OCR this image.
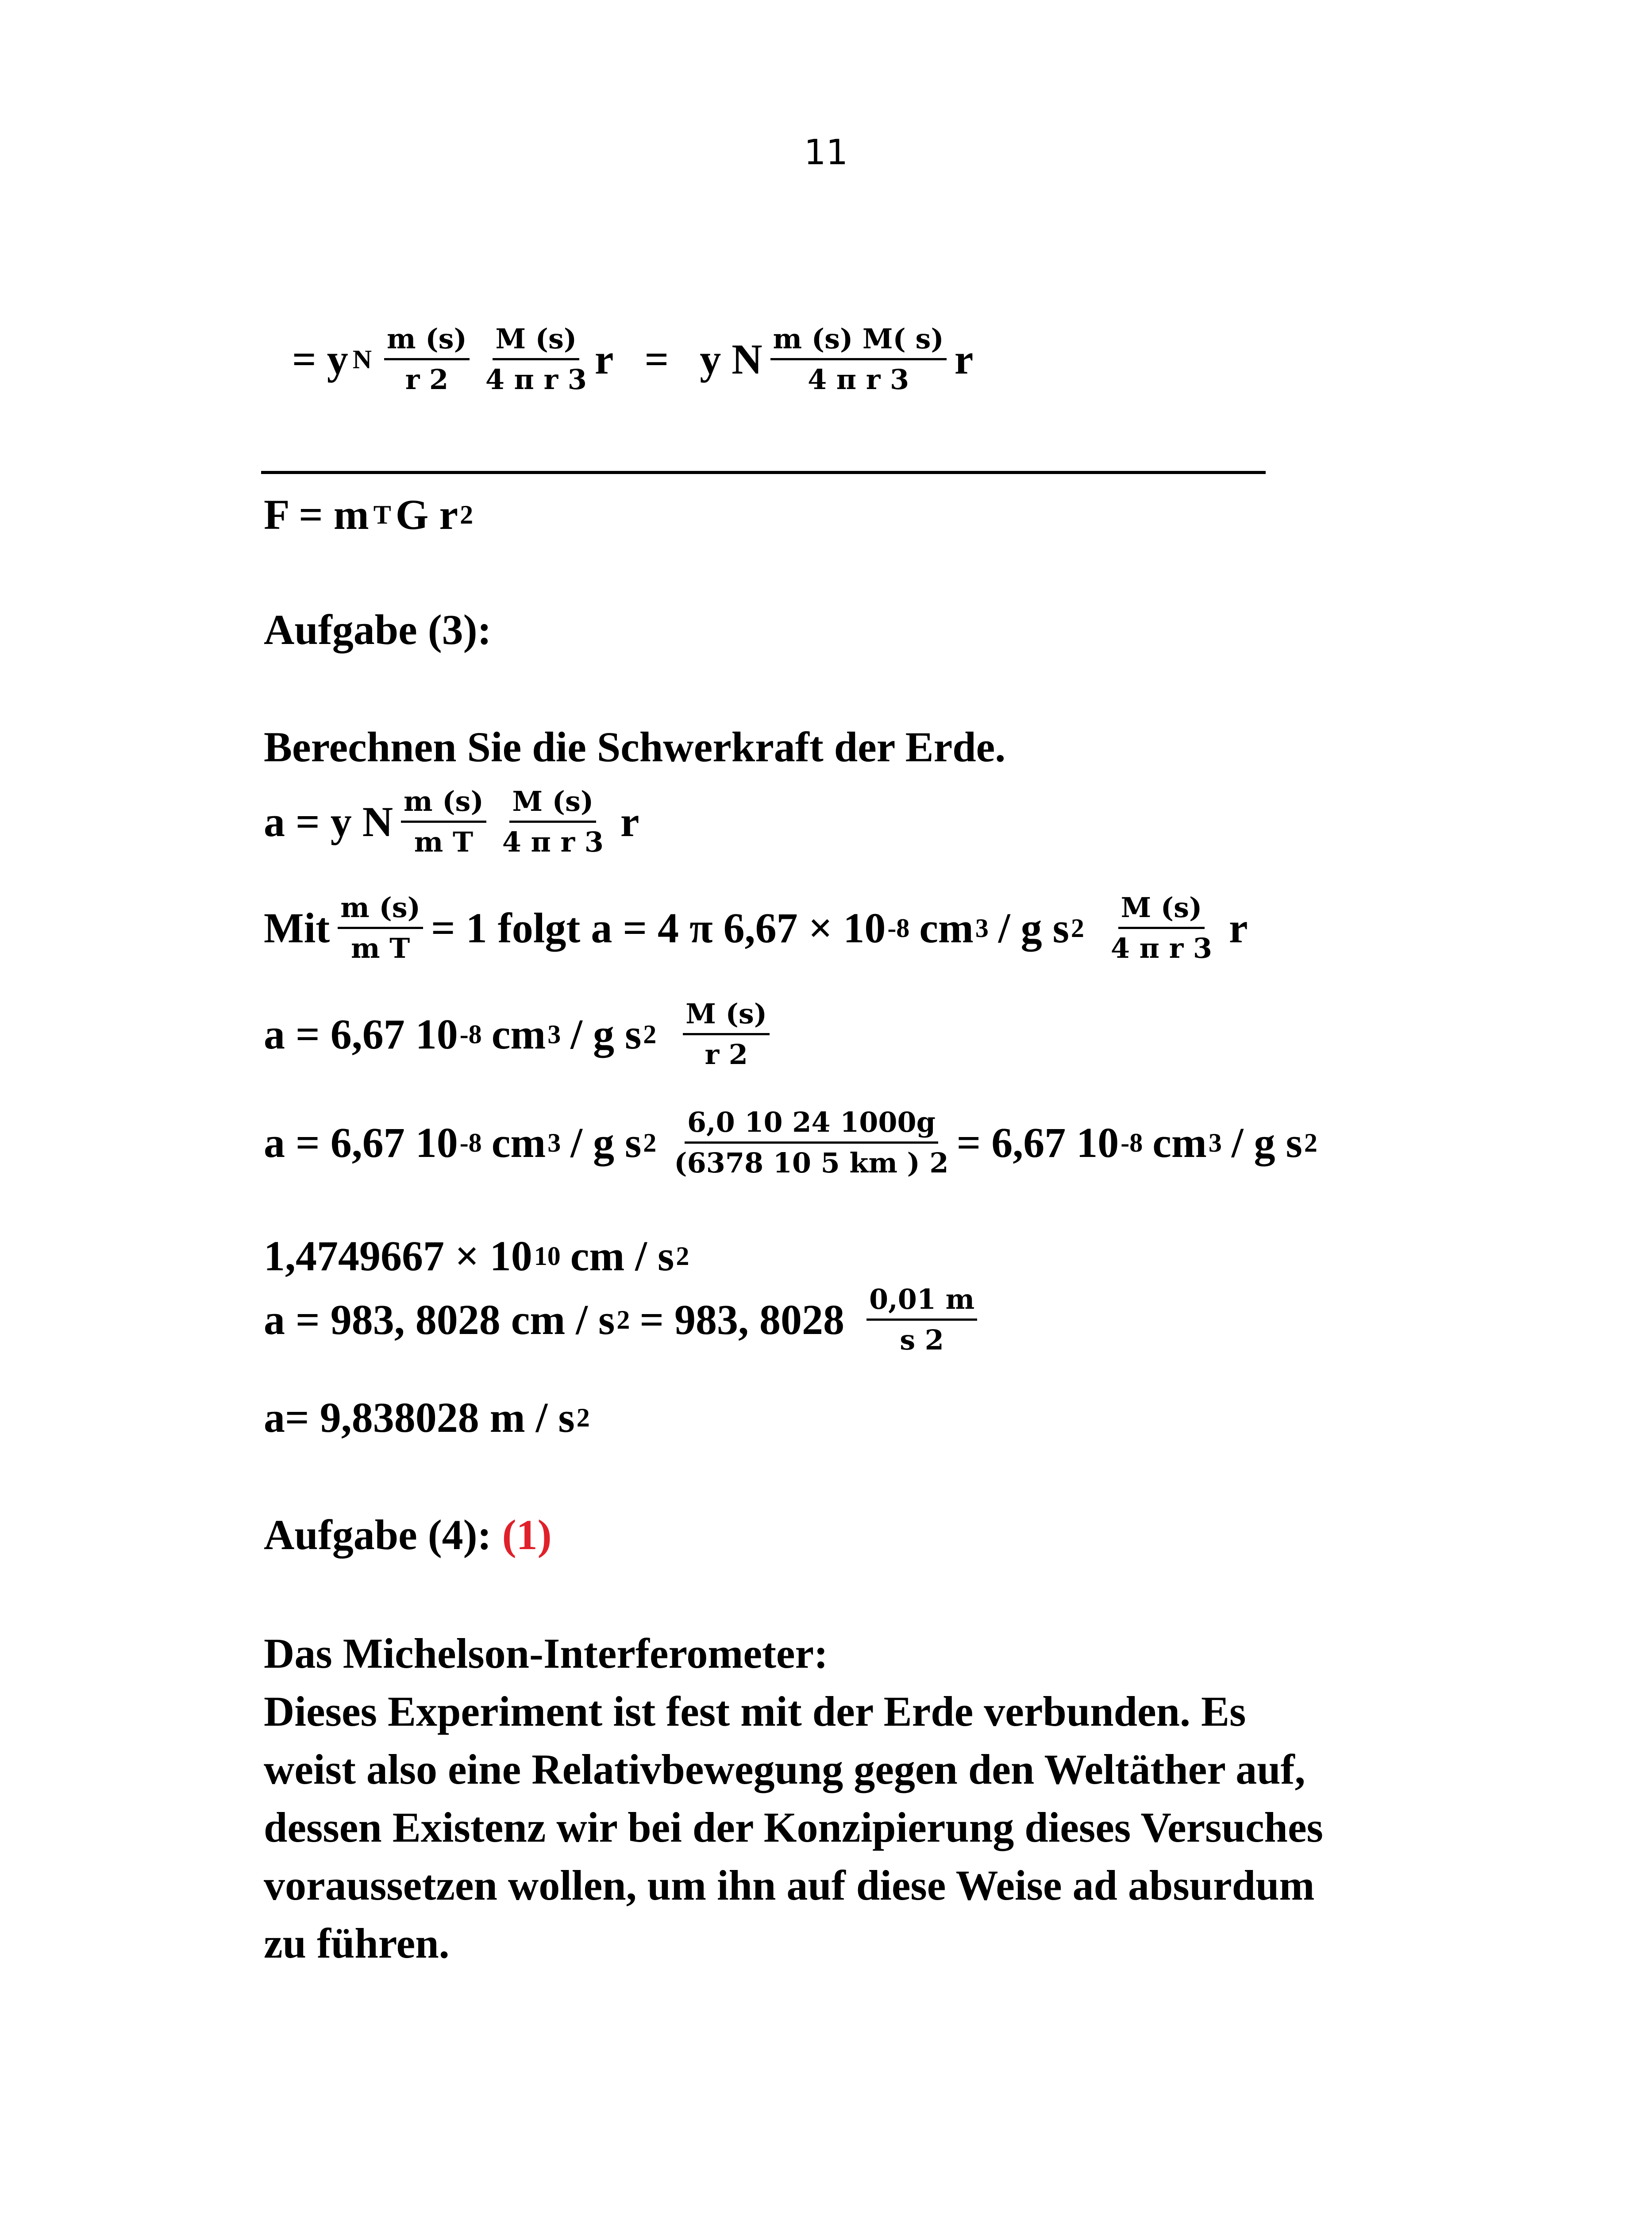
11
= y N $\frac{m (s)}{r 2} \frac{M (s)}{\text{4 π r 3}}$ r = y N $\frac{m (s) M( s)}{\text{4 π r 3}}$ r
F = m T G r 2
Aufgabe (3):
Berechnen Sie die Schwerkraft der Erde.
a = y N $\frac{m (s)}{\text{m T}} \frac{M (s)}{\text{4 π r 3}}$ r
Mit $\frac{m (s)}{\text{m T}} = 1$ folgt a = 4 π 6,67 × 10 -8 cm 3 / g s $2 \frac{M (s)}{\text{4 π r 3}}$ r
a = 6,67 10 -8 cm 3 / g s $2 \frac{M (s)}{r 2}$
a = 6,67 10 -8 cm 3 / g s $2 \frac{6,0 10 24 1000g}{(6378 10 5 km ) 2} = 6,67$ 10 -8 cm 3 / g s 2
1,4749667 × 10 10 cm / s 2
a = 983, 8028 cm / s 2 = 983, $8028 \frac{0,01 m}{s 2}$
a= 9,838028 m / s 2
Aufgabe (4): (1)
Das Michelson-Interferometer:
Dieses Experiment ist fest mit der Erde verbunden. Es
weist also eine Relativbewegung gegen den Weltäther auf,
dessen Existenz wir bei der Konzipierung dieses Versuches
voraussetzen wollen, um ihn auf diese Weise ad absurdum
zu führen.
